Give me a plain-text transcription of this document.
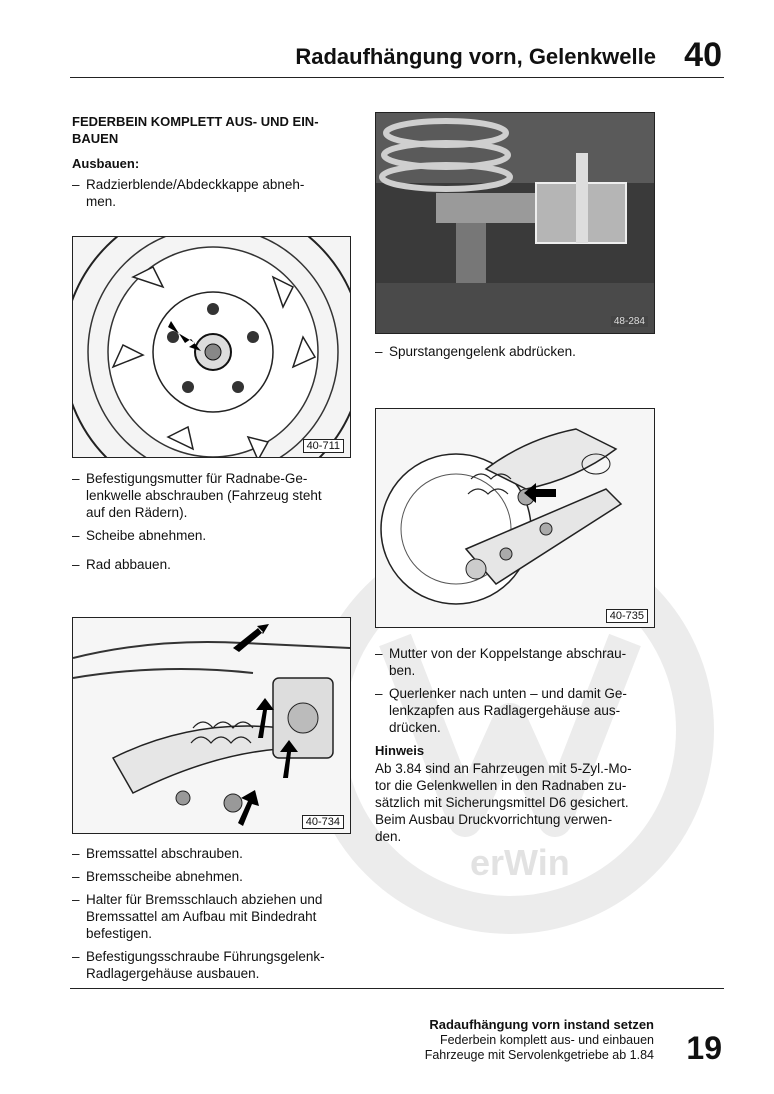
erWin
Radaufhängung vorn, Gelenkwelle 40
FEDERBEIN KOMPLETT AUS- UND EIN-
BAUEN
Ausbauen:
– Radzierblende/Abdeckkappe abneh-
men.
40-711
– Befestigungsmutter für Radnabe-Ge-
lenkwelle abschrauben (Fahrzeug steht
auf den Rädern).
– Scheibe abnehmen.
– Rad abbauen.
40-734
– Bremssattel abschrauben.
– Bremsscheibe abnehmen.
– Halter für Bremsschlauch abziehen und
Bremssattel am Aufbau mit Bindedraht
befestigen.
– Befestigungsschraube Führungsgelenk-
Radlagergehäuse ausbauen.
48-284
– Spurstangengelenk abdrücken.
40-735
– Mutter von der Koppelstange abschrau-
ben.
– Querlenker nach unten – und damit Ge-
lenkzapfen aus Radlagergehäuse aus-
drücken.
Hinweis
Ab 3.84 sind an Fahrzeugen mit 5-Zyl.-Mo-
tor die Gelenkwellen in den Radnaben zu-
sätzlich mit Sicherungsmittel D6 gesichert.
Beim Ausbau Druckvorrichtung verwen-
den.
Radaufhängung vorn instand setzen
Federbein komplett aus- und einbauen
Fahrzeuge mit Servolenkgetriebe ab 1.84 19
